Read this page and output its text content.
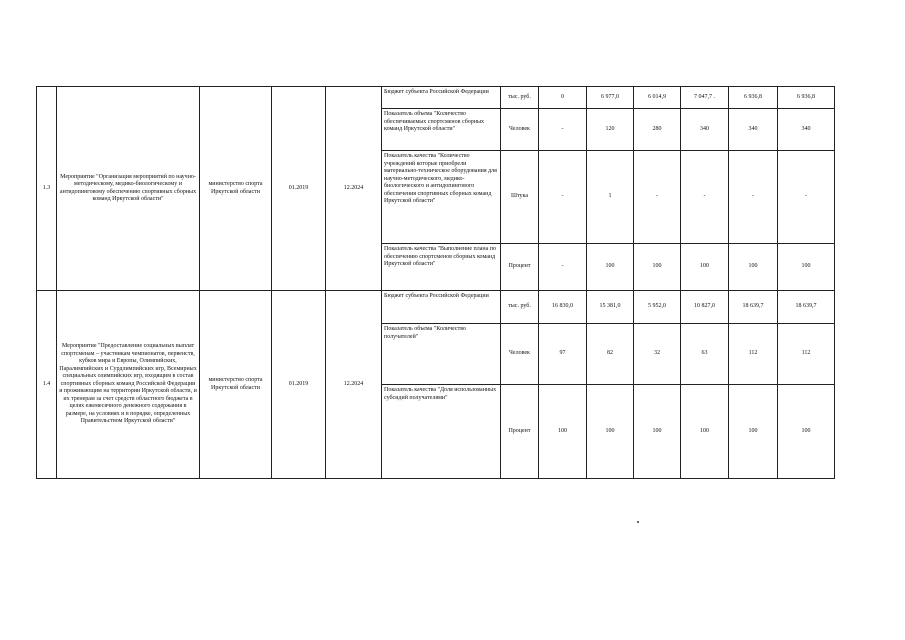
1.3	Мероприятие "Организация мероприятий по научно-методическому, медико-биологическому и антидопинговому обеспечению спортивных сборных команд Иркутской области"	министерство спорта Иркутской области	01.2019	12.2024	Бюджет субъекта Российской Федерации	тыс. руб.	0	6 977,0	6 014,9	7 047,7 .	6 936,8	6 936,8
					Показатель объема "Количество обеспечиваемых спортсменов сборных команд Иркутской области"	Человек	-	120	280	340	340	340
					Показатель качества "Количество учреждений которые приобрели материально-техническое оборудования для научно-методического, медико-биологического и антидопингового обеспечения спортивных сборных команд Иркутской области"	Штука	-	1	-	-	-	-
					Показатель качества "Выполнение плана по обеспечению спортсменов сборных команд Иркутской области"	Процент	-	100	100	100	100	100
1.4	Мероприятие "Предоставление социальных выплат спортсменам – участникам чемпионатов, первенств, кубков мира и Европы, Олимпийских, Паралимпийских и Сурдлимпийских игр, Всемирных специальных олимпийских игр, входящим в состав спортивных сборных команд Российской Федерации и проживающим на территории Иркутской области, и их тренерам за счет средств областного бюджета в целях ежемесячного денежного содержания в размере, на условиях и в порядке, определенных Правительством Иркутской области"	министерство спорта Иркутской области	01.2019	12.2024	Бюджет субъекта Российской Федерации	тыс. руб.	16 830,0	15 381,0	5 952,0	10 827,0	18 639,7	18 639,7
					Показатель объема "Количество получателей"	Человек	97	82	32	63	112	112
					Показатель качества "Доля использованных субсидий получателями"	Процент	100	100	100	100	100	100
